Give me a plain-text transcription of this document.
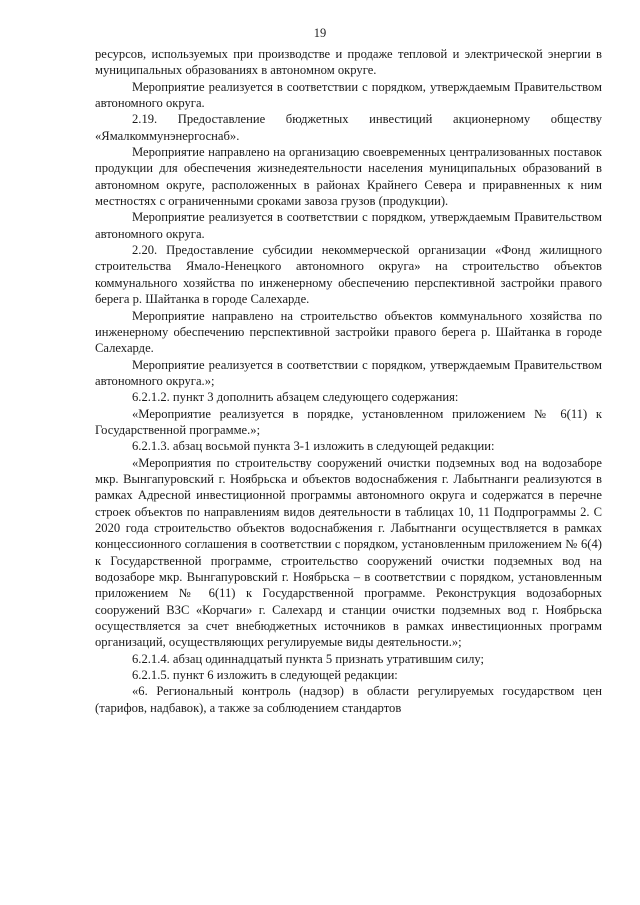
19

ресурсов, используемых при производстве и продаже тепловой и электрической энергии в муниципальных образованиях в автономном округе.

Мероприятие реализуется в соответствии с порядком, утверждаемым Правительством автономного округа.

2.19. Предоставление бюджетных инвестиций акционерному обществу «Ямалкоммунэнергоснаб».

Мероприятие направлено на организацию своевременных централизованных поставок продукции для обеспечения жизнедеятельности населения муниципальных образований в автономном округе, расположенных в районах Крайнего Севера и приравненных к ним местностях с ограниченными сроками завоза грузов (продукции).

Мероприятие реализуется в соответствии с порядком, утверждаемым Правительством автономного округа.

2.20. Предоставление субсидии некоммерческой организации «Фонд жилищного строительства Ямало-Ненецкого автономного округа» на строительство объектов коммунального хозяйства по инженерному обеспечению перспективной застройки правого берега р. Шайтанка в городе Салехарде.

Мероприятие направлено на строительство объектов коммунального хозяйства по инженерному обеспечению перспективной застройки правого берега р. Шайтанка в городе Салехарде.

Мероприятие реализуется в соответствии с порядком, утверждаемым Правительством автономного округа.»;

6.2.1.2. пункт 3 дополнить абзацем следующего содержания:

«Мероприятие реализуется в порядке, установленном приложением № 6(11) к Государственной программе.»;

6.2.1.3. абзац восьмой пункта 3-1 изложить в следующей редакции:

«Мероприятия по строительству сооружений очистки подземных вод на водозаборе мкр. Вынгапуровский г. Ноябрьска и объектов водоснабжения г. Лабытнанги реализуются в рамках Адресной инвестиционной программы автономного округа и содержатся в перечне строек объектов по направлениям видов деятельности в таблицах 10, 11 Подпрограммы 2. С 2020 года строительство объектов водоснабжения г. Лабытнанги осуществляется в рамках концессионного соглашения в соответствии с порядком, установленным приложением № 6(4) к Государственной программе, строительство сооружений очистки подземных вод на водозаборе мкр. Вынгапуровский г. Ноябрьска – в соответствии с порядком, установленным приложением № 6(11) к Государственной программе. Реконструкция водозаборных сооружений ВЗС «Корчаги» г. Салехард и станции очистки подземных вод г. Ноябрьска осуществляется за счет внебюджетных источников в рамках инвестиционных программ организаций, осуществляющих регулируемые виды деятельности.»;

6.2.1.4. абзац одиннадцатый пункта 5 признать утратившим силу;

6.2.1.5. пункт 6 изложить в следующей редакции:

«6. Региональный контроль (надзор) в области регулируемых государством цен (тарифов, надбавок), а также за соблюдением стандартов
